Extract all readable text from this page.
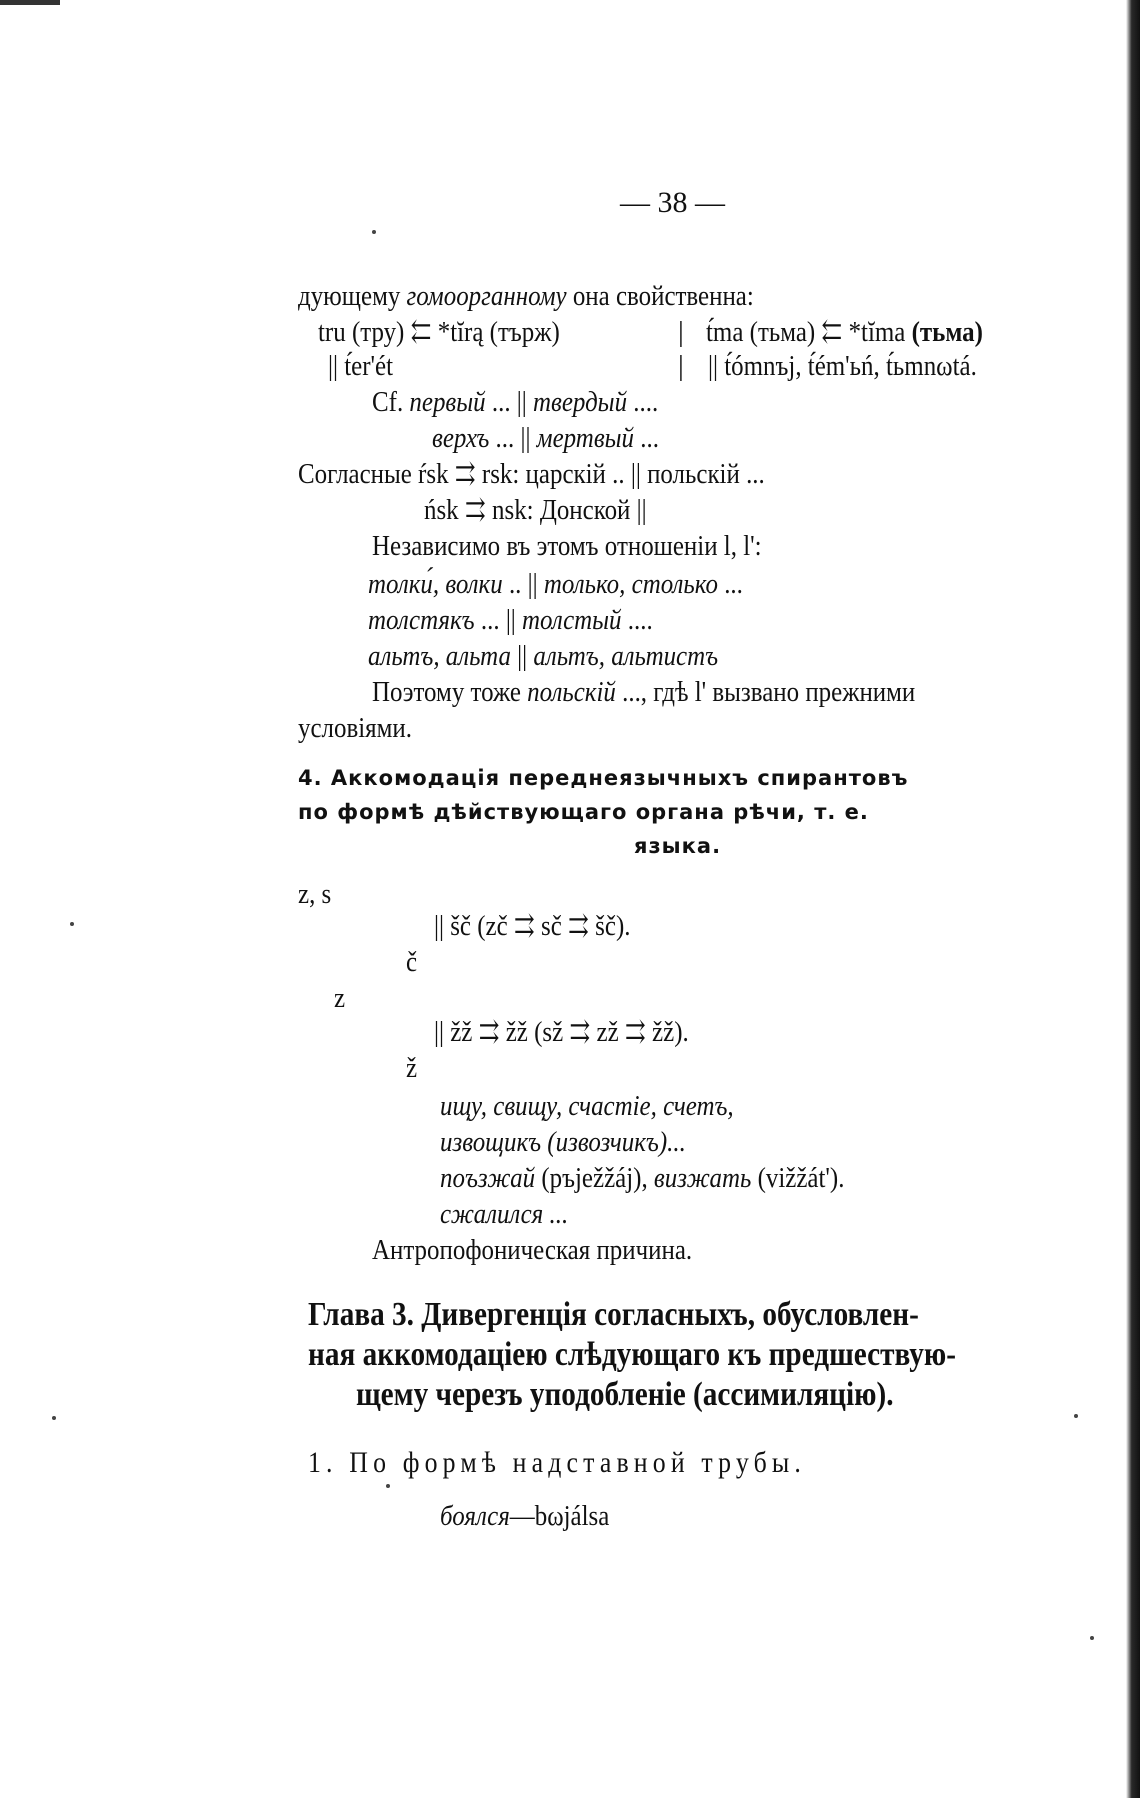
— 38 —
дующему гомоорганному она свойственна:
tru (тру) ⇇ *tĭrą (търж)	| t́ma (тьма) ⇇ *tĭma (тьма)
|| t́er'ét	| || t́ómnъj, t́ém'ьń, t́ьmnωtá.
Cf. первый ... || твердый ....
верхъ ... || мертвый ...
Согласные ŕsk ⇉ rsk: царскій .. || польскій ...
ńsk ⇉ nsk: Донской ||
Независимо въ этомъ отношеніи l, l':
толки́, волки .. || только, столько ...
толстякъ ... || толстый ....
альтъ, альта || альтъ, альтистъ
Поэтому тоже польскій ..., гдѣ l' вызвано прежними
условіями.
4. Аккомодація переднеязычныхъ спирантовъ
по формѣ дѣйствующаго органа рѣчи, т. е.
языка.
z, s
|| šč (zč ⇉ sč ⇉ šč).
č
z
|| žž ⇉ žž (sž ⇉ zž ⇉ žž).
ž
ищу, свищу, счастіе, счетъ,
извощикъ (извозчикъ)...
поъзжай (ръježžáj), визжать (vižžát').
сжалился ...
Антропофоническая причина.
Глава 3. Дивергенція согласныхъ, обусловлен-
ная аккомодаціею слѣдующаго къ предшествую-
щему черезъ уподобленіе (ассимиляцію).
1. По формѣ надставной трубы.
боялся—bωjálsa
